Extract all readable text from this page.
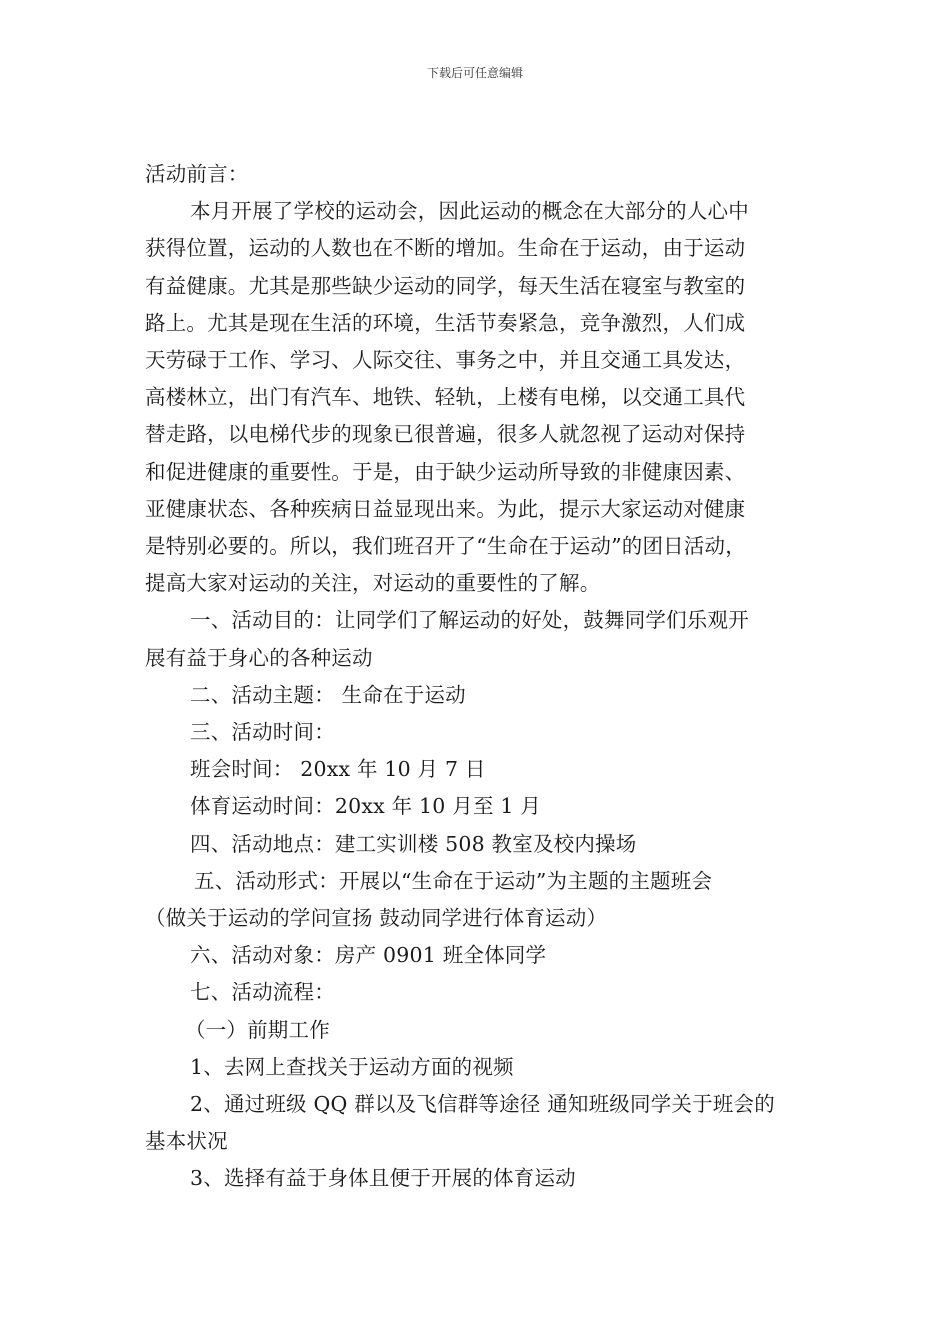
下载后可任意编辑
活动前言：
本月开展了学校的运动会，因此运动的概念在大部分的人心中
获得位置，运动的人数也在不断的增加。生命在于运动，由于运动
有益健康。尤其是那些缺少运动的同学，每天生活在寝室与教室的
路上。尤其是现在生活的环境，生活节奏紧急，竞争激烈，人们成
天劳碌于工作、学习、人际交往、事务之中，并且交通工具发达，
高楼林立，出门有汽车、地铁、轻轨，上楼有电梯，以交通工具代
替走路，以电梯代步的现象已很普遍，很多人就忽视了运动对保持
和促进健康的重要性。于是，由于缺少运动所导致的非健康因素、
亚健康状态、各种疾病日益显现出来。为此，提示大家运动对健康
是特别必要的。所以，我们班召开了“生命在于运动”的团日活动，
提高大家对运动的关注，对运动的重要性的了解。
一、活动目的：让同学们了解运动的好处，鼓舞同学们乐观开
展有益于身心的各种运动
二、活动主题： 生命在于运动
三、活动时间：
班会时间： 20xx 年 10 月 7 日
体育运动时间：20xx 年 10 月至 1 月
四、活动地点：建工实训楼 508 教室及校内操场
五、活动形式：开展以“生命在于运动”为主题的主题班会
（做关于运动的学问宣扬 鼓动同学进行体育运动）
六、活动对象：房产 0901 班全体同学
七、活动流程：
（一）前期工作
1、去网上查找关于运动方面的视频
2、通过班级 QQ 群以及飞信群等途径 通知班级同学关于班会的
基本状况
3、选择有益于身体且便于开展的体育运动
